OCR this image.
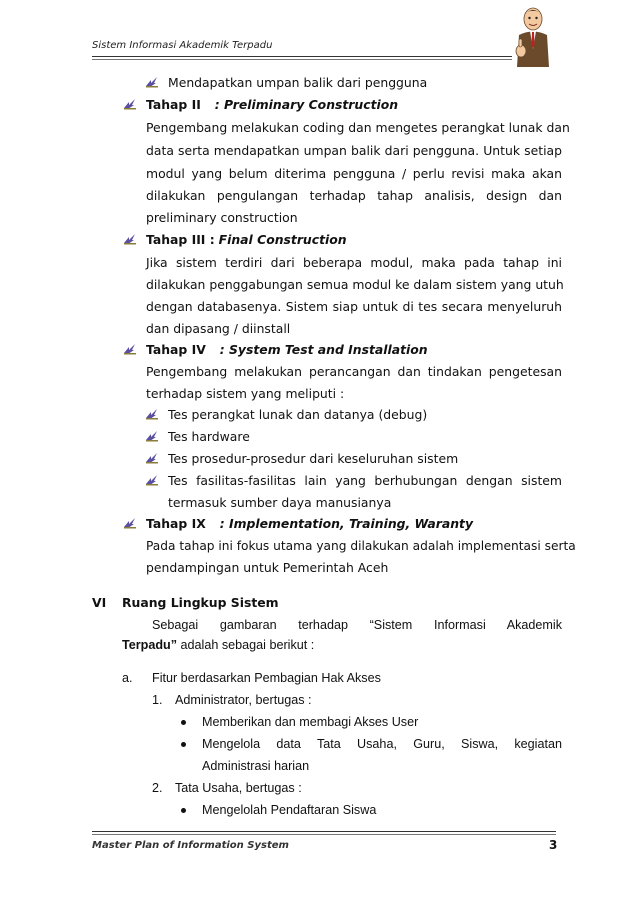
Sistem Informasi Akademik Terpadu
Mendapatkan umpan balik dari pengguna
Tahap II : Preliminary Construction
Pengembang melakukan coding dan mengetes perangkat lunak dan
data serta mendapatkan umpan balik dari pengguna. Untuk setiap
modul yang belum diterima pengguna / perlu revisi maka akan
dilakukan pengulangan terhadap tahap analisis, design dan
preliminary construction
Tahap III : Final Construction
Jika sistem terdiri dari beberapa modul, maka pada tahap ini
dilakukan penggabungan semua modul ke dalam sistem yang utuh
dengan databasenya. Sistem siap untuk di tes secara menyeluruh
dan dipasang / diinstall
Tahap IV : System Test and Installation
Pengembang melakukan perancangan dan tindakan pengetesan
terhadap sistem yang meliputi :
Tes perangkat lunak dan datanya (debug)
Tes hardware
Tes prosedur-prosedur dari keseluruhan sistem
Tes fasilitas-fasilitas lain yang berhubungan dengan sistem
termasuk sumber daya manusianya
Tahap IX : Implementation, Training, Waranty
Pada tahap ini fokus utama yang dilakukan adalah implementasi serta
pendampingan untuk Pemerintah Aceh
VI Ruang Lingkup Sistem
Sebagai gambaran terhadap “Sistem Informasi Akademik
Terpadu” adalah sebagai berikut :
a. Fitur berdasarkan Pembagian Hak Akses
1. Administrator, bertugas :
Memberikan dan membagi Akses User
Mengelola data Tata Usaha, Guru, Siswa, kegiatan
Administrasi harian
2. Tata Usaha, bertugas :
Mengelolah Pendaftaran Siswa
Master Plan of Information System	3
